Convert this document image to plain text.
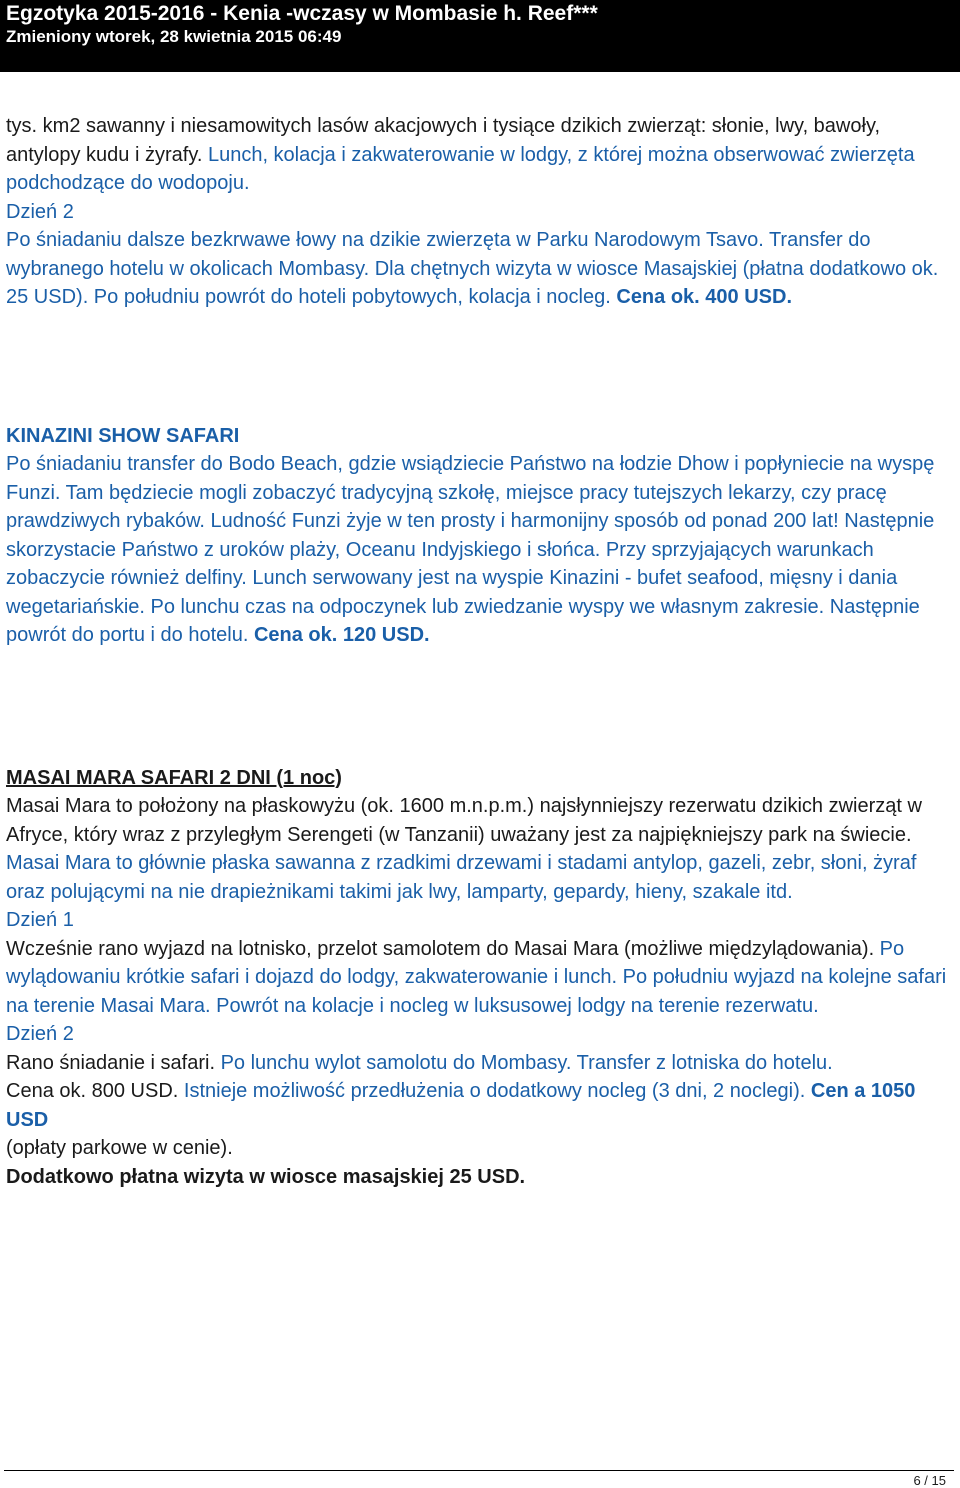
Egzotyka 2015-2016 - Kenia -wczasy w Mombasie h. Reef***
Zmieniony wtorek, 28 kwietnia 2015 06:49

tys. km2 sawanny i niesamowitych lasów akacjowych i tysiące dzikich zwierząt: słonie, lwy, bawoły, antylopy kudu i żyrafy. Lunch, kolacja i zakwaterowanie w lodgy, z której można obserwować zwierzęta podchodzące do wodopoju.

Dzień 2

Po śniadaniu dalsze bezkrwawe łowy na dzikie zwierzęta w Parku Narodowym Tsavo. Transfer do wybranego hotelu w okolicach Mombasy. Dla chętnych wizyta w wiosce Masajskiej (płatna dodatkowo ok. 25 USD). Po południu powrót do hoteli pobytowych, kolacja i nocleg. Cena ok. 400 USD.

KINAZINI SHOW SAFARI

Po śniadaniu transfer do Bodo Beach, gdzie wsiądziecie Państwo na łodzie Dhow i popłyniecie na wyspę Funzi. Tam będziecie mogli zobaczyć tradycyjną szkołę, miejsce pracy tutejszych lekarzy, czy pracę prawdziwych rybaków. Ludność Funzi żyje w ten prosty i harmonijny sposób od ponad 200 lat! Następnie skorzystacie Państwo z uroków plaży, Oceanu Indyjskiego i słońca. Przy sprzyjających warunkach zobaczycie również delfiny. Lunch serwowany jest na wyspie Kinazini - bufet seafood, mięsny i dania wegetariańskie. Po lunchu czas na odpoczynek lub zwiedzanie wyspy we własnym zakresie. Następnie powrót do portu i do hotelu. Cena ok. 120 USD.

MASAI MARA SAFARI 2 DNI (1 noc)

Masai Mara to położony na płaskowyżu (ok. 1600 m.n.p.m.) najsłynniejszy rezerwatu dzikich zwierząt w Afryce, który wraz z przyległym Serengeti (w Tanzanii) uważany jest za najpiękniejszy park na świecie. Masai Mara to głównie płaska sawanna z rzadkimi drzewami i stadami antylop, gazeli, zebr, słoni, żyraf oraz polującymi na nie drapieżnikami takimi jak lwy, lamparty, gepardy, hieny, szakale itd.

Dzień 1

Wcześnie rano wyjazd na lotnisko, przelot samolotem do Masai Mara (możliwe międzylądowania). Po wylądowaniu krótkie safari i dojazd do lodgy, zakwaterowanie i lunch. Po południu wyjazd na kolejne safari na terenie Masai Mara. Powrót na kolacje i nocleg w luksusowej lodgy na terenie rezerwatu.

Dzień 2

Rano śniadanie i safari. Po lunchu wylot samolotu do Mombasy. Transfer z lotniska do hotelu.
Cena ok. 800 USD. Istnieje możliwość przedłużenia o dodatkowy nocleg (3 dni, 2 noclegi). Cen a 1050 USD

(opłaty parkowe w cenie).

Dodatkowo płatna wizyta w wiosce masajskiej 25 USD.

6 / 15
